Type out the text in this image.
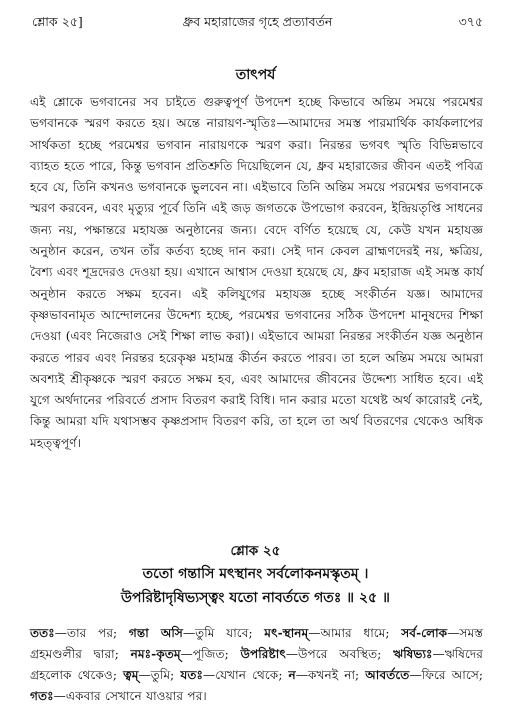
শ্লোক ২৫]	ধ্রুব মহারাজের গৃহে প্রত্যাবর্তন	৩৭৫
তাৎপর্য

এই শ্লোকে ভগবানের সব চাইতে গুরুত্বপূর্ণ উপদেশ হচ্ছে কিভাবে অন্তিম সময়ে পরমেশ্বর ভগবানকে স্মরণ করতে হয়। অন্তে নারায়ণ-স্মৃতিঃ—আমাদের সমস্ত পারমার্থিক কার্যকলাপের সার্থকতা হচ্ছে পরমেশ্বর ভগবান নারায়ণকে স্মরণ করা। নিরন্তর ভগবৎ স্মৃতি বিভিন্নভাবে ব্যাহত হতে পারে, কিন্তু ভগবান প্রতিশ্রুতি দিয়েছিলেন যে, ধ্রুব মহারাজের জীবন এতই পবিত্র হবে যে, তিনি কখনও ভগবানকে ভুলবেন না। এইভাবে তিনি অন্তিম সময়ে পরমেশ্বর ভগবানকে স্মরণ করবেন, এবং মৃত্যুর পূর্বে তিনি এই জড় জগতকে উপভোগ করবেন, ইন্দ্রিয়তৃপ্তি সাধনের জন্য নয়, পক্ষান্তরে মহাযজ্ঞ অনুষ্ঠানের জন্য। বেদে বর্ণিত হয়েছে যে, কেউ যখন মহাযজ্ঞ অনুষ্ঠান করেন, তখন তাঁর কর্তব্য হচ্ছে দান করা। সেই দান কেবল ব্রাহ্মণদেরই নয়, ক্ষত্রিয়, বৈশ্য এবং শূদ্রদেরও দেওয়া হয়। এখানে আশ্বাস দেওয়া হয়েছে যে, ধ্রুব মহারাজ এই সমস্ত কার্য অনুষ্ঠান করতে সক্ষম হবেন। এই কলিযুগের মহাযজ্ঞ হচ্ছে সংকীর্তন যজ্ঞ। আমাদের কৃষ্ণভাবনামৃত আন্দোলনের উদ্দেশ্য হচ্ছে, পরমেশ্বর ভগবানের সঠিক উপদেশ মানুষদের শিক্ষা দেওয়া (এবং নিজেরাও সেই শিক্ষা লাভ করা)। এইভাবে আমরা নিরন্তর সংকীর্তন যজ্ঞ অনুষ্ঠান করতে পারব এবং নিরন্তর হরেকৃষ্ণ মহামন্ত্র কীর্তন করতে পারব। তা হলে অন্তিম সময়ে আমরা অবশ্যই শ্রীকৃষ্ণকে স্মরণ করতে সক্ষম হব, এবং আমাদের জীবনের উদ্দেশ্য সাধিত হবে। এই যুগে অর্থদানের পরিবর্তে প্রসাদ বিতরণ করাই বিধি। দান করার মতো যথেষ্ট অর্থ কারোরই নেই, কিন্তু আমরা যদি যথাসম্ভব কৃষ্ণপ্রসাদ বিতরণ করি, তা হলে তা অর্থ বিতরণের থেকেও অধিক মহত্ত্বপূর্ণ।

শ্লোক ২৫
ততো গন্তাসি মৎস্থানং সর্বলোকনমস্কৃতম্ ।
উপরিষ্টাদৃষিভ্যস্ত্বং যতো নাবর্ততে গতঃ ॥ ২৫ ॥

ততঃ—তার পর; গন্তা অসি—তুমি যাবে; মৎ-স্থানম্—আমার ধামে; সর্ব-লোক—সমস্ত গ্রহমণ্ডলীর দ্বারা; নমঃ-কৃতম্—পূজিত; উপরিষ্টাৎ—উপরে অবস্থিত; ঋষিভ্যঃ—ঋষিদের গ্রহলোক থেকেও; ত্বম্—তুমি; যতঃ—যেখান থেকে; ন—কখনই না; আবর্ততে—ফিরে আসে; গতঃ—একবার সেখানে যাওয়ার পর।
